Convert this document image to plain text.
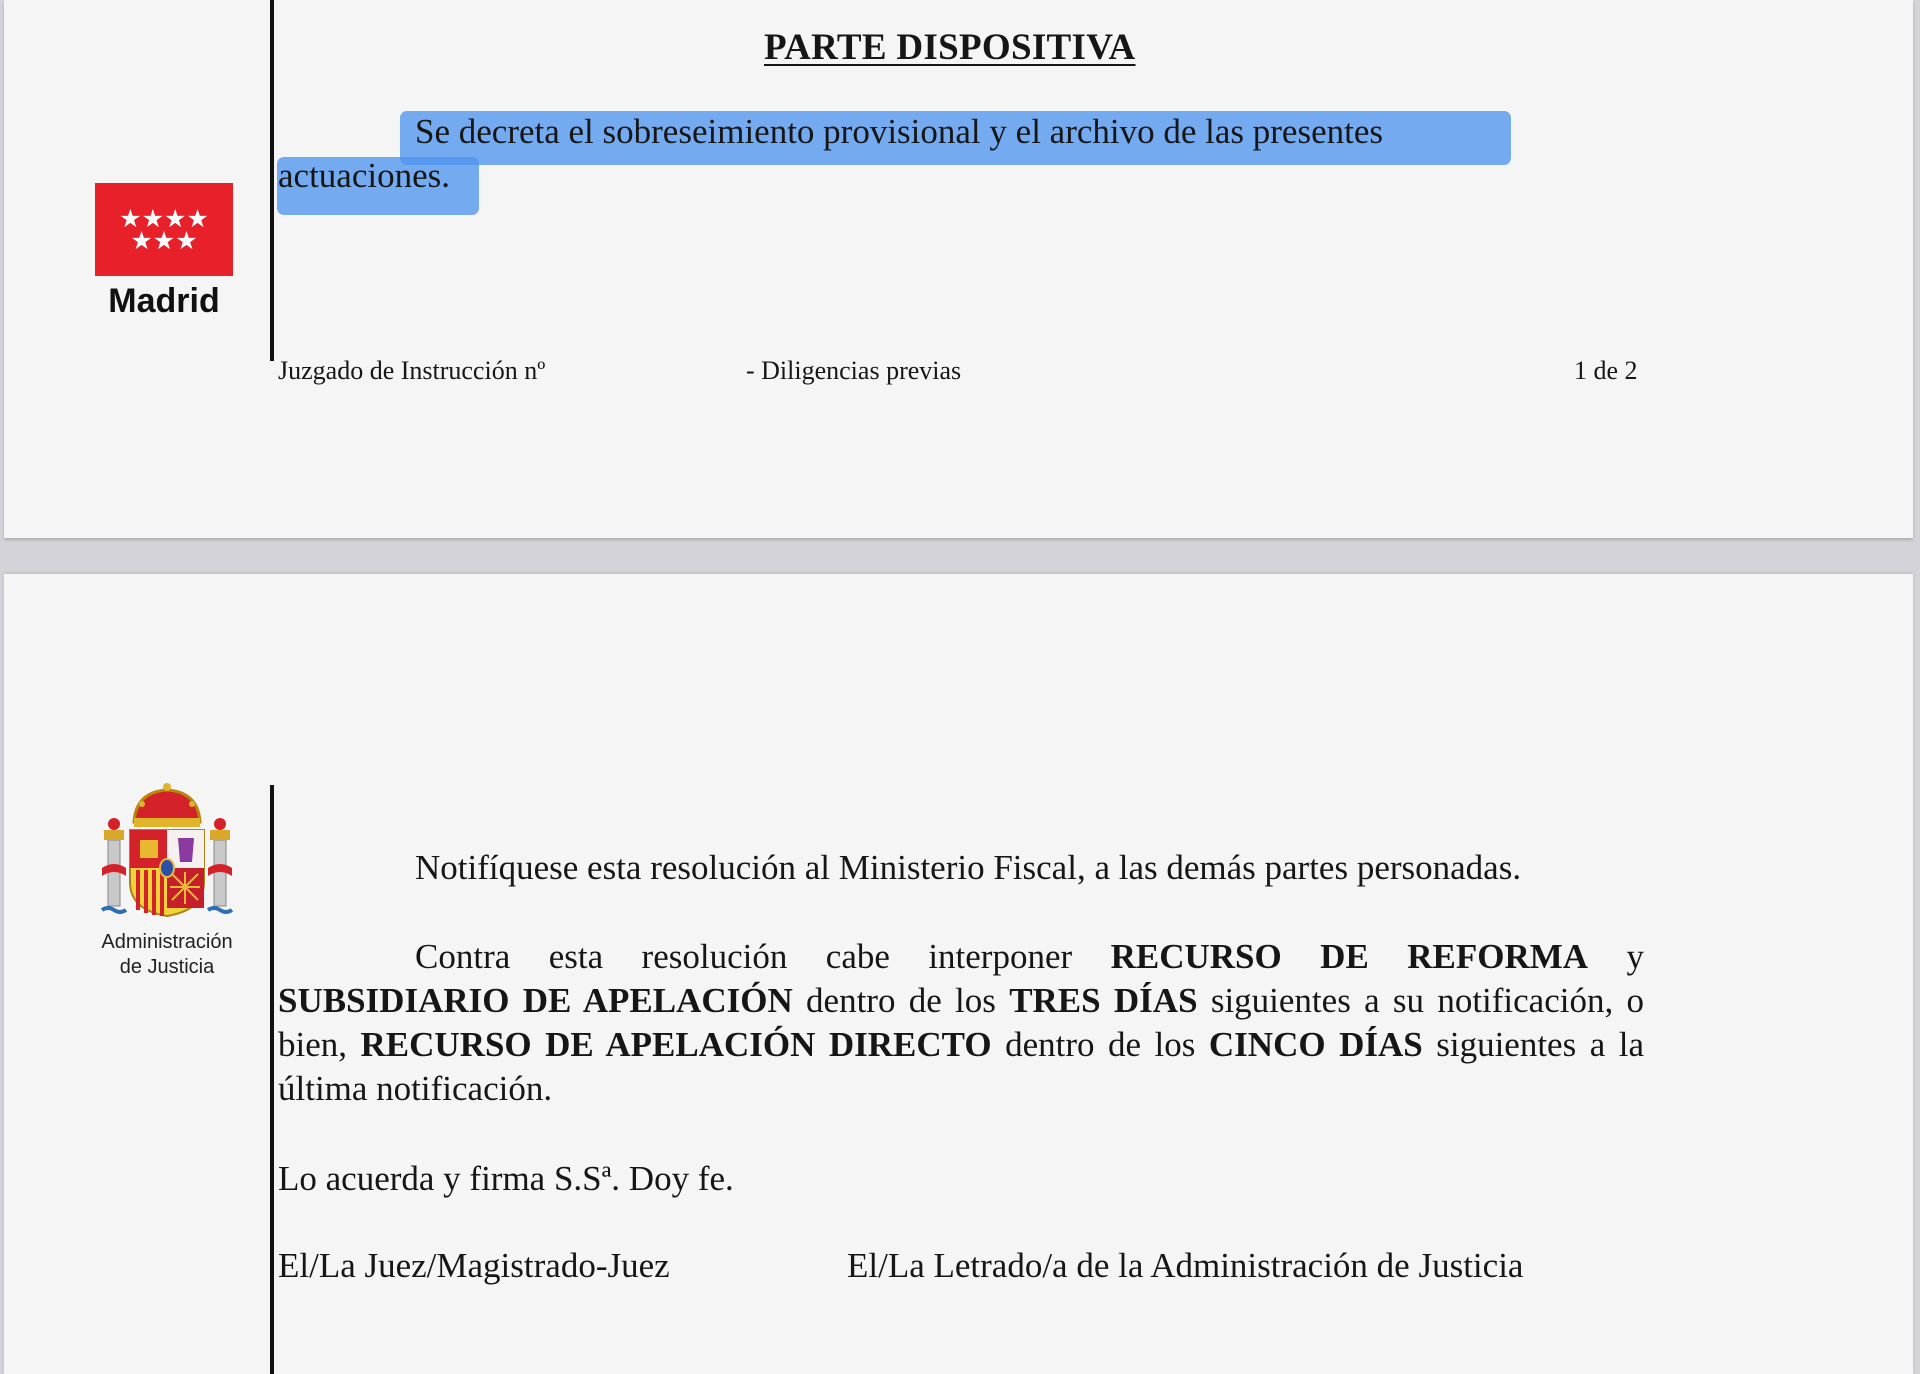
★★★★
★★★
Madrid
PARTE DISPOSITIVA
Se decreta el sobreseimiento provisional y el archivo de las presentes
actuaciones.
Juzgado de Instrucción nº	- Diligencias previas	1 de 2
Administración
de Justicia
Notifíquese esta resolución al Ministerio Fiscal, a las demás partes personadas.
Contra esta resolución cabe interponer RECURSO DE REFORMA y SUBSIDIARIO DE APELACIÓN dentro de los TRES DÍAS siguientes a su notificación, o bien, RECURSO DE APELACIÓN DIRECTO dentro de los CINCO DÍAS siguientes a la última notificación.
Lo acuerda y firma S.Sª. Doy fe.
El/La Juez/Magistrado-Juez	El/La Letrado/a de la Administración de Justicia
